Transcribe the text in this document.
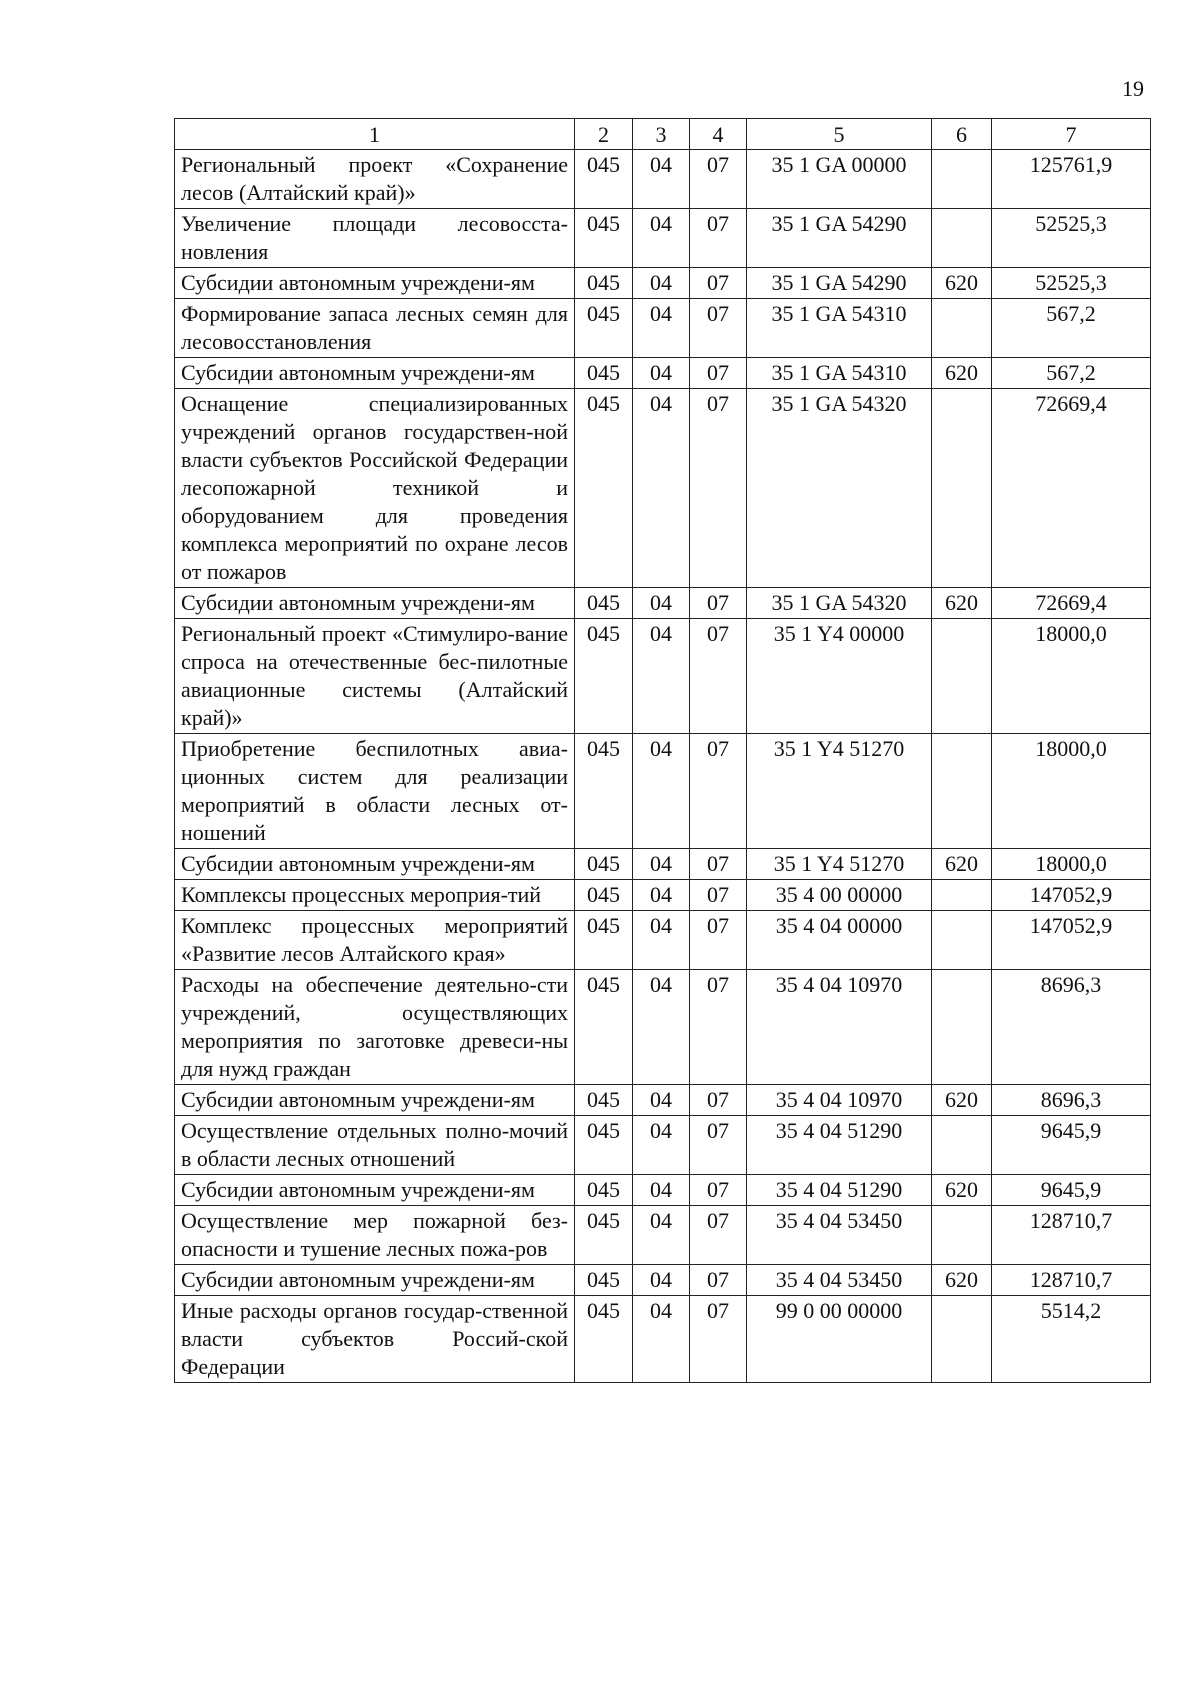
19
1	2	3	4	5	6	7
Региональный проект «Сохранение лесов (Алтайский край)»	045	04	07	35 1 GA 00000		125761,9
Увеличение площади лесовосста-новления	045	04	07	35 1 GA 54290		52525,3
Субсидии автономным учреждени-ям	045	04	07	35 1 GA 54290	620	52525,3
Формирование запаса лесных семян для лесовосстановления	045	04	07	35 1 GA 54310		567,2
Субсидии автономным учреждени-ям	045	04	07	35 1 GA 54310	620	567,2
Оснащение специализированных учреждений органов государствен-ной власти субъектов Российской Федерации лесопожарной техникой и оборудованием для проведения комплекса мероприятий по охране лесов от пожаров	045	04	07	35 1 GA 54320		72669,4
Субсидии автономным учреждени-ям	045	04	07	35 1 GA 54320	620	72669,4
Региональный проект «Стимулиро-вание спроса на отечественные бес-пилотные авиационные системы (Алтайский край)»	045	04	07	35 1 Y4 00000		18000,0
Приобретение беспилотных авиа-ционных систем для реализации мероприятий в области лесных от-ношений	045	04	07	35 1 Y4 51270		18000,0
Субсидии автономным учреждени-ям	045	04	07	35 1 Y4 51270	620	18000,0
Комплексы процессных мероприя-тий	045	04	07	35 4 00 00000		147052,9
Комплекс процессных мероприятий «Развитие лесов Алтайского края»	045	04	07	35 4 04 00000		147052,9
Расходы на обеспечение деятельно-сти учреждений, осуществляющих мероприятия по заготовке древеси-ны для нужд граждан	045	04	07	35 4 04 10970		8696,3
Субсидии автономным учреждени-ям	045	04	07	35 4 04 10970	620	8696,3
Осуществление отдельных полно-мочий в области лесных отношений	045	04	07	35 4 04 51290		9645,9
Субсидии автономным учреждени-ям	045	04	07	35 4 04 51290	620	9645,9
Осуществление мер пожарной без-опасности и тушение лесных пожа-ров	045	04	07	35 4 04 53450		128710,7
Субсидии автономным учреждени-ям	045	04	07	35 4 04 53450	620	128710,7
Иные расходы органов государ-ственной власти субъектов Россий-ской Федерации	045	04	07	99 0 00 00000		5514,2
